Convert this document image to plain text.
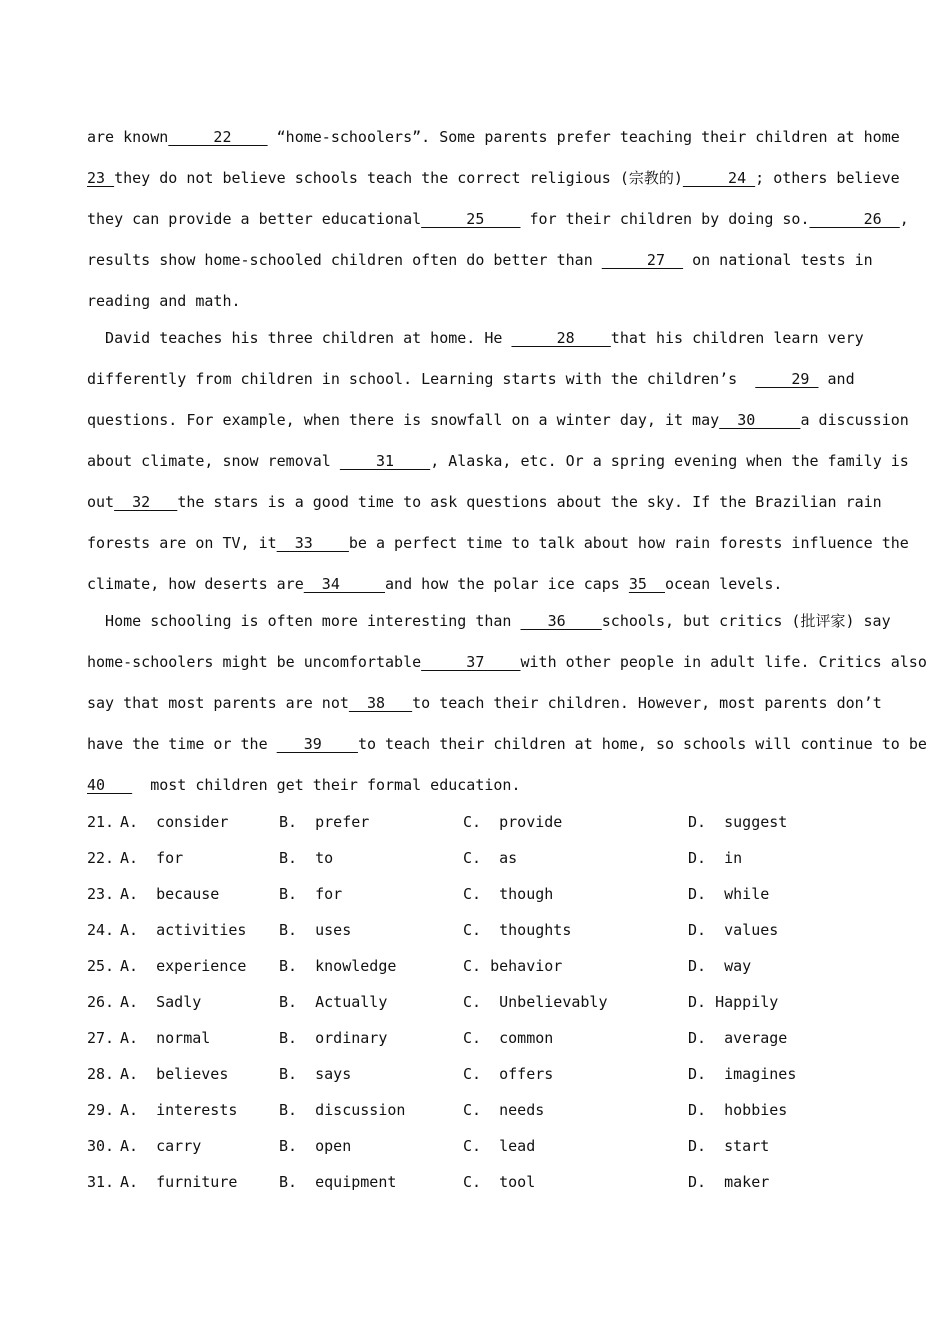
are known     22     “home-schoolers”. Some parents prefer teaching their children at home
23 they do not believe schools teach the correct religious (宗教的)     24 ; others believe
they can provide a better educational     25     for their children by doing so.      26  ,
results show home-schooled children often do better than      27   on national tests in
reading and math.
David teaches his three children at home. He      28    that his children learn very
differently from children in school. Learning starts with the children’s      29  and
questions. For example, when there is snowfall on a winter day, it may  30     a discussion
about climate, snow removal     31    , Alaska, etc. Or a spring evening when the family is
out  32   the stars is a good time to ask questions about the sky. If the Brazilian rain
forests are on TV, it  33    be a perfect time to talk about how rain forests influence the
climate, how deserts are  34     and how the polar ice caps 35  ocean levels.
Home schooling is often more interesting than    36    schools, but critics (批评家) say
home-schoolers might be uncomfortable     37    with other people in adult life. Critics also
say that most parents are not  38   to teach their children. However, most parents don’t
have the time or the    39    to teach their children at home, so schools will continue to be
40     most children get their formal education.
21. A.  consider	B.  prefer	C.  provide	D.  suggest
22. A.  for	B.  to	C.  as	D.  in
23. A.  because	B.  for	C.  though	D.  while
24. A.  activities B.  uses	C.  thoughts	D.  values
25. A.  experience B.  knowledge	C. behavior	D.  way
26. A.  Sadly	B.  Actually	C.  Unbelievably	D. Happily
27. A.  normal	B.  ordinary	C.  common	D.  average
28. A.  believes	B.  says	C.  offers	D.  imagines
29. A.  interests	B.  discussion	C.  needs	D.  hobbies
30. A.  carry	B.  open	C.  lead	D.  start
31. A.  furniture	B.  equipment	C.  tool	D.  maker
